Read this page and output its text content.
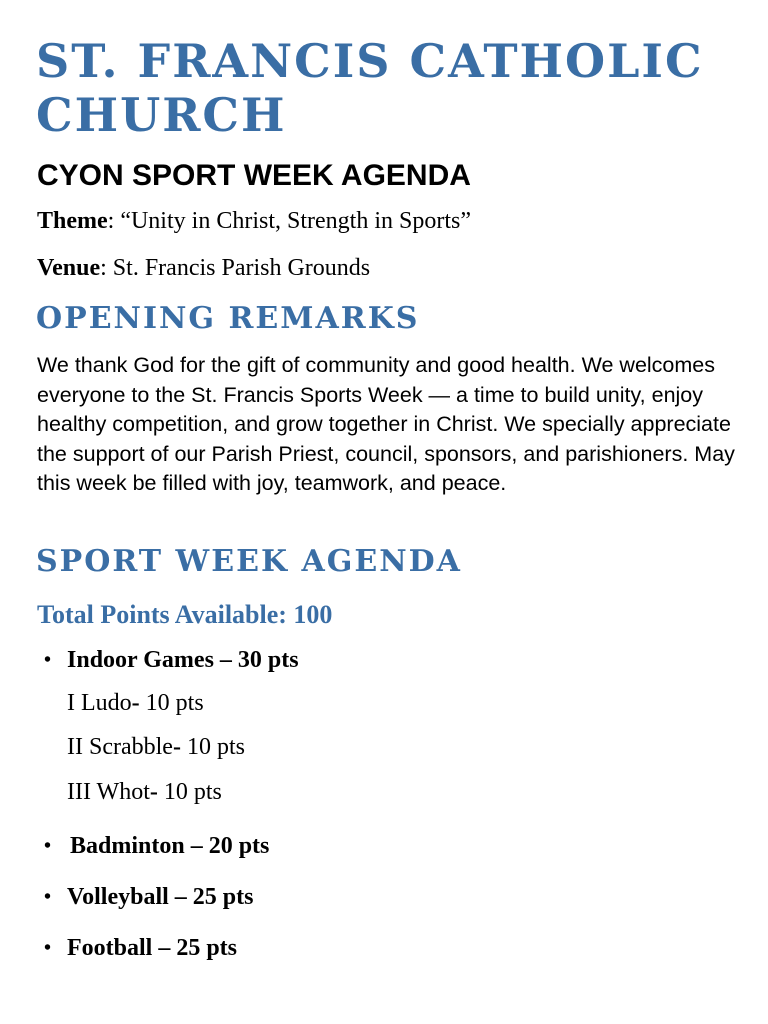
ST. FRANCIS CATHOLIC CHURCH
CYON SPORT WEEK AGENDA

Theme: “Unity in Christ, Strength in Sports”

Venue: St. Francis Parish Grounds

OPENING REMARKS

We thank God for the gift of community and good health. We welcomes everyone to the St. Francis Sports Week — a time to build unity, enjoy healthy competition, and grow together in Christ. We specially appreciate the support of our Parish Priest, council, sponsors, and parishioners. May this week be filled with joy, teamwork, and peace.

SPORT WEEK AGENDA

Total Points Available: 100

• Indoor Games – 30 pts
I Ludo- 10 pts
II Scrabble- 10 pts
III Whot- 10 pts
• Badminton – 20 pts
• Volleyball – 25 pts
• Football – 25 pts
